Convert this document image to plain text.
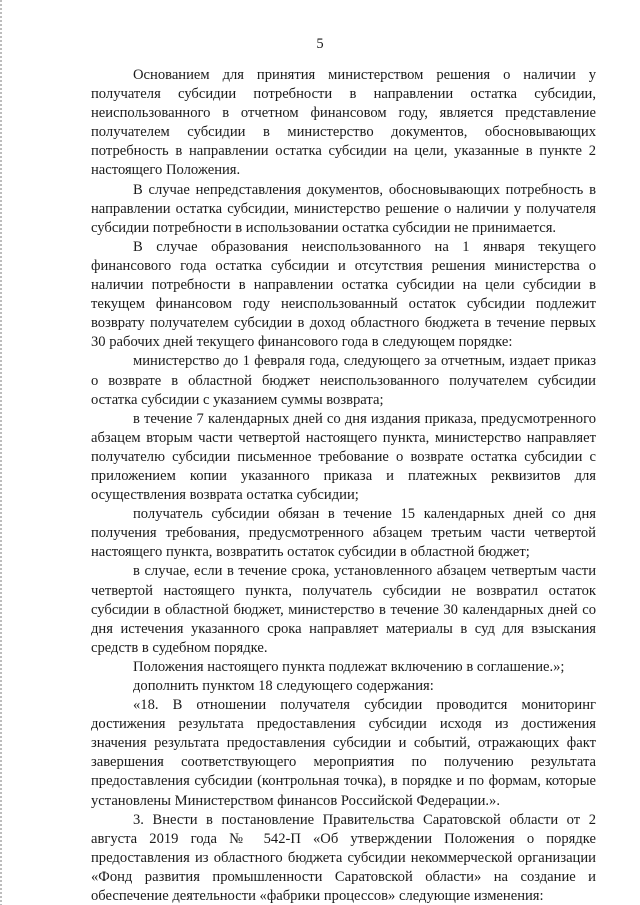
5

Основанием для принятия министерством решения о наличии у получателя субсидии потребности в направлении остатка субсидии, неиспользованного в отчетном финансовом году, является представление получателем субсидии в министерство документов, обосновывающих потребность в направлении остатка субсидии на цели, указанные в пункте 2 настоящего Положения.

В случае непредставления документов, обосновывающих потребность в направлении остатка субсидии, министерство решение о наличии у получателя субсидии потребности в использовании остатка субсидии не принимается.

В случае образования неиспользованного на 1 января текущего финансового года остатка субсидии и отсутствия решения министерства о наличии потребности в направлении остатка субсидии на цели субсидии в текущем финансовом году неиспользованный остаток субсидии подлежит возврату получателем субсидии в доход областного бюджета в течение первых 30 рабочих дней текущего финансового года в следующем порядке:

министерство до 1 февраля года, следующего за отчетным, издает приказ о возврате в областной бюджет неиспользованного получателем субсидии остатка субсидии с указанием суммы возврата;

в течение 7 календарных дней со дня издания приказа, предусмотренного абзацем вторым части четвертой настоящего пункта, министерство направляет получателю субсидии письменное требование о возврате остатка субсидии с приложением копии указанного приказа и платежных реквизитов для осуществления возврата остатка субсидии;

получатель субсидии обязан в течение 15 календарных дней со дня получения требования, предусмотренного абзацем третьим части четвертой настоящего пункта, возвратить остаток субсидии в областной бюджет;

в случае, если в течение срока, установленного абзацем четвертым части четвертой настоящего пункта, получатель субсидии не возвратил остаток субсидии в областной бюджет, министерство в течение 30 календарных дней со дня истечения указанного срока направляет материалы в суд для взыскания средств в судебном порядке.

Положения настоящего пункта подлежат включению в соглашение.»;

дополнить пунктом 18 следующего содержания:

«18. В отношении получателя субсидии проводится мониторинг достижения результата предоставления субсидии исходя из достижения значения результата предоставления субсидии и событий, отражающих факт завершения соответствующего мероприятия по получению результата предоставления субсидии (контрольная точка), в порядке и по формам, которые установлены Министерством финансов Российской Федерации.».

3. Внести в постановление Правительства Саратовской области от 2 августа 2019 года № 542-П «Об утверждении Положения о порядке предоставления из областного бюджета субсидии некоммерческой организации «Фонд развития промышленности Саратовской области» на создание и обеспечение деятельности «фабрики процессов» следующие изменения:
